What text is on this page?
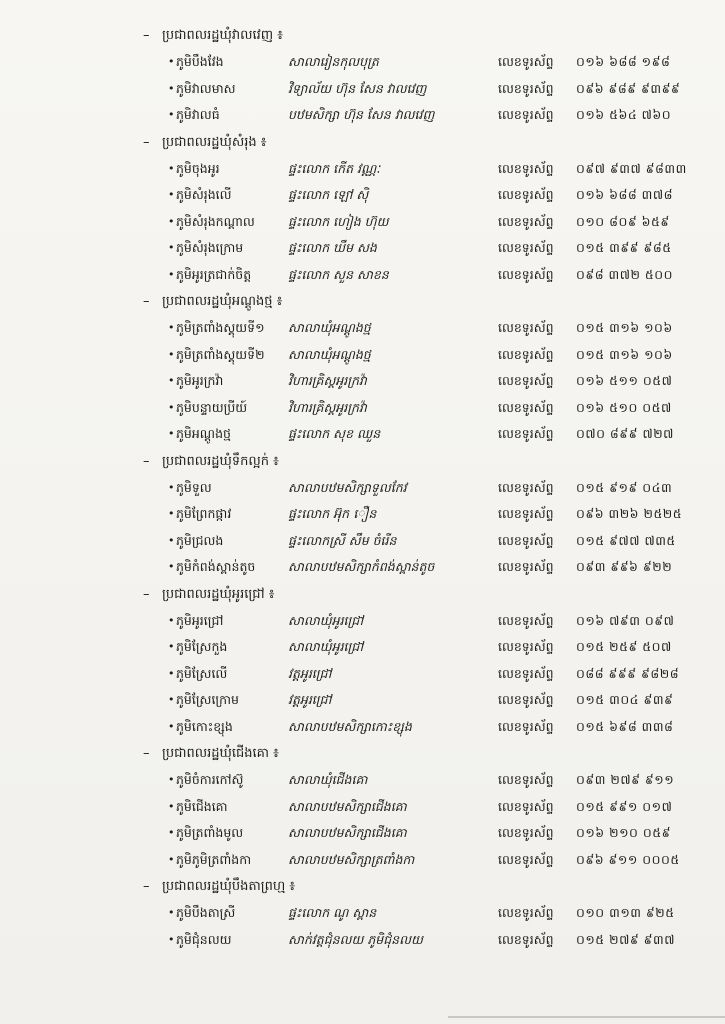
– ប្រជាពលរដ្ឋឃុំវាលវេញ ៖
• ភូមិបឹងវែង	សាលារៀនកុលបុត្រ	លេខទូរស័ព្ទ ០១៦ ៦៨៨ ១៩៨
• ភូមិវាលមាស	វិទ្យាល័យ ហ៊ុន សែន វាលវេញ	លេខទូរស័ព្ទ ០៩៦ ៩៨៩ ៩៣៩៩
• ភូមិវាលធំ	បឋមសិក្សា ហ៊ុន សែន វាលវេញ	លេខទូរស័ព្ទ ០១៦ ៥៦៤ ៧៦០
– ប្រជាពលរដ្ឋឃុំសំរុង ៖
• ភូមិចុងអូរ	ផ្ទះលោក កើត វណ្ណៈ	លេខទូរស័ព្ទ ០៩៧ ៩៣៧ ៩៨៣៣
• ភូមិសំរុងលើ	ផ្ទះលោក ឡៅ ស៊ិ	លេខទូរស័ព្ទ ០១៦ ៦៨៨ ៣៧៨
• ភូមិសំរុងកណ្តាល	ផ្ទះលោក ហៀង ហ៊ុយ	លេខទូរស័ព្ទ ០១០ ៨០៩ ៦៥៩
• ភូមិសំរុងក្រោម	ផ្ទះលោក ឃឹម សង	លេខទូរស័ព្ទ ០១៥ ៣៩៩ ៩៨៥
• ភូមិអូរត្រជាក់ចិត្ត	ផ្ទះលោក សួន សាខន	លេខទូរស័ព្ទ ០៩៨ ៣៧២ ៥០០
– ប្រជាពលរដ្ឋឃុំអណ្តូងថ្ម ៖
• ភូមិត្រពាំងស្គុយទី១	សាលាឃុំអណ្តូងថ្ម	លេខទូរស័ព្ទ ០១៥ ៣១៦ ១០៦
• ភូមិត្រពាំងស្គុយទី២	សាលាឃុំអណ្តូងថ្ម	លេខទូរស័ព្ទ ០១៥ ៣១៦ ១០៦
• ភូមិអូរក្រវ៉ា	វិហារគ្រិស្តអូរក្រវ៉ា	លេខទូរស័ព្ទ ០១៦ ៥១១ ០៥៧
• ភូមិបន្ទាយប្រីយ៍	វិហារគ្រិស្តអូរក្រវ៉ា	លេខទូរស័ព្ទ ០១៦ ៥១០ ០៥៧
• ភូមិអណ្តូងថ្ម	ផ្ទះលោក សុខ ឈួន	លេខទូរស័ព្ទ ០៧០ ៨៩៩ ៧២៧
– ប្រជាពលរដ្ឋឃុំទឹកល្អក់ ៖
• ភូមិទួល	សាលាបឋមសិក្សាទួលកែវ	លេខទូរស័ព្ទ ០១៥ ៩១៩ ០៤៣
• ភូមិព្រែកផ្កាវ	ផ្ទះលោក អ៊ុក ឿន	លេខទូរស័ព្ទ ០៩៦ ៣២៦ ២៥២៥
• ភូមិជ្រលង	ផ្ទះលោកស្រី សឹម ចំរើន	លេខទូរស័ព្ទ ០១៥ ៩៧៧ ៧៣៥
• ភូមិកំពង់ស្ពាន់តូច	សាលាបឋមសិក្សាកំពង់ស្ពាន់តូច	លេខទូរស័ព្ទ ០៩៣ ៩៩៦ ៩២២
– ប្រជាពលរដ្ឋឃុំអូរជ្រៅ ៖
• ភូមិអូរជ្រៅ	សាលាឃុំអូរជ្រៅ	លេខទូរស័ព្ទ ០១៦ ៧៩៣ ០៩៧
• ភូមិស្រែកួង	សាលាឃុំអូរជ្រៅ	លេខទូរស័ព្ទ ០១៥ ២៥៩ ៥០៧
• ភូមិស្រែលើ	វត្តអូរជ្រៅ	លេខទូរស័ព្ទ ០៨៨ ៩៩៩ ៩៨២៨
• ភូមិស្រែក្រោម	វត្តអូរជ្រៅ	លេខទូរស័ព្ទ ០១៥ ៣០៤ ៩៣៩
• ភូមិកោះខ្សុង	សាលាបឋមសិក្សាកោះខ្សុង	លេខទូរស័ព្ទ ០១៥ ៦៩៨ ៣៣៨
– ប្រជាពលរដ្ឋឃុំជើងគោ ៖
• ភូមិចំការកៅស៊ូ	សាលាឃុំជើងគោ	លេខទូរស័ព្ទ ០៩៣ ២៧៩ ៩១១
• ភូមិជើងគោ	សាលាបឋមសិក្សាជើងគោ	លេខទូរស័ព្ទ ០១៥ ៩៩១ ០១៧
• ភូមិត្រពាំងមូល	សាលាបឋមសិក្សាជើងគោ	លេខទូរស័ព្ទ ០១៦ ២១០ ០៥៩
• ភូមិភូមិត្រពាំងកា	សាលាបឋមសិក្សាត្រពាំងកា	លេខទូរស័ព្ទ ០៩៦ ៩១១ ០០០៥
– ប្រជាពលរដ្ឋឃុំបឹងតាព្រហ្ម ៖
• ភូមិបឹងតាស្រី	ផ្ទះលោក ណូ ស្ពាន	លេខទូរស័ព្ទ ០១០ ៣១៣ ៩២៥
• ភូមិជុំនលយ	សាក់វត្តជុំនលយ ភូមិជុំនលយ	លេខទូរស័ព្ទ ០១៥ ២៧៩ ៩៣៧
